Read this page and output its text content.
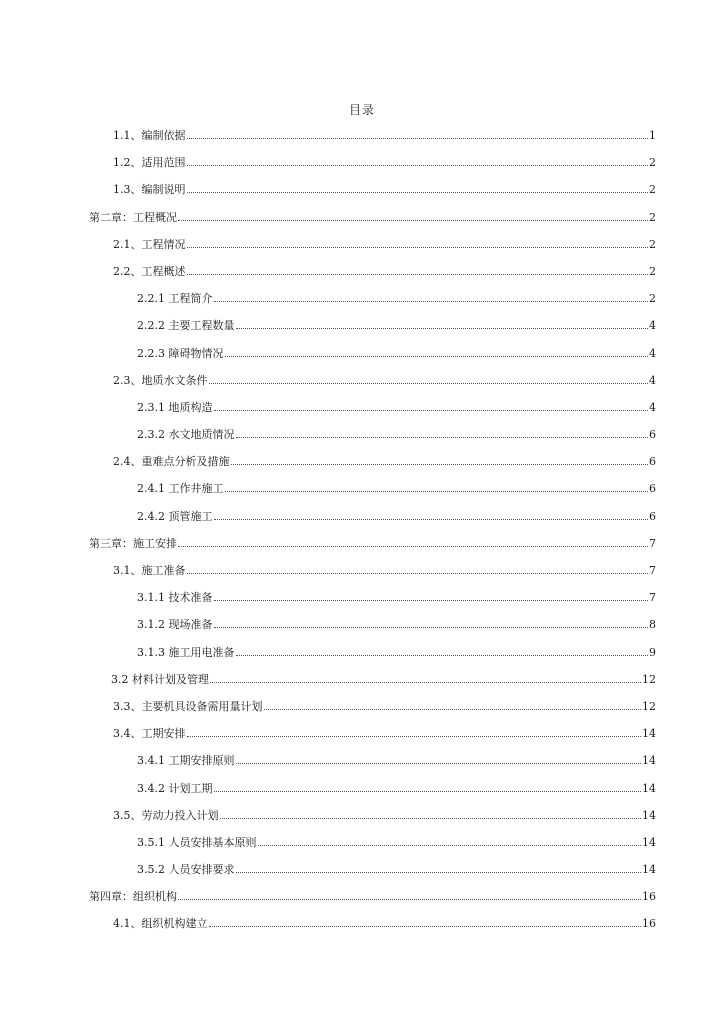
目录
1.1、编制依据	1
1.2、适用范围	2
1.3、编制说明	2
第二章：工程概况	2
2.1、工程情况	2
2.2、工程概述	2
2.2.1 工程简介	2
2.2.2 主要工程数量	4
2.2.3 障碍物情况	4
2.3、地质水文条件	4
2.3.1 地质构造	4
2.3.2 水文地质情况	6
2.4、重难点分析及措施	6
2.4.1 工作井施工	6
2.4.2 顶管施工	6
第三章：施工安排	7
3.1、施工准备	7
3.1.1 技术准备	7
3.1.2 现场准备	8
3.1.3 施工用电准备	9
3.2 材料计划及管理	12
3.3、主要机具设备需用量计划	12
3.4、工期安排	14
3.4.1 工期安排原则	14
3.4.2 计划工期	14
3.5、劳动力投入计划	14
3.5.1 人员安排基本原则	14
3.5.2 人员安排要求	14
第四章：组织机构	16
4.1、组织机构建立	16
